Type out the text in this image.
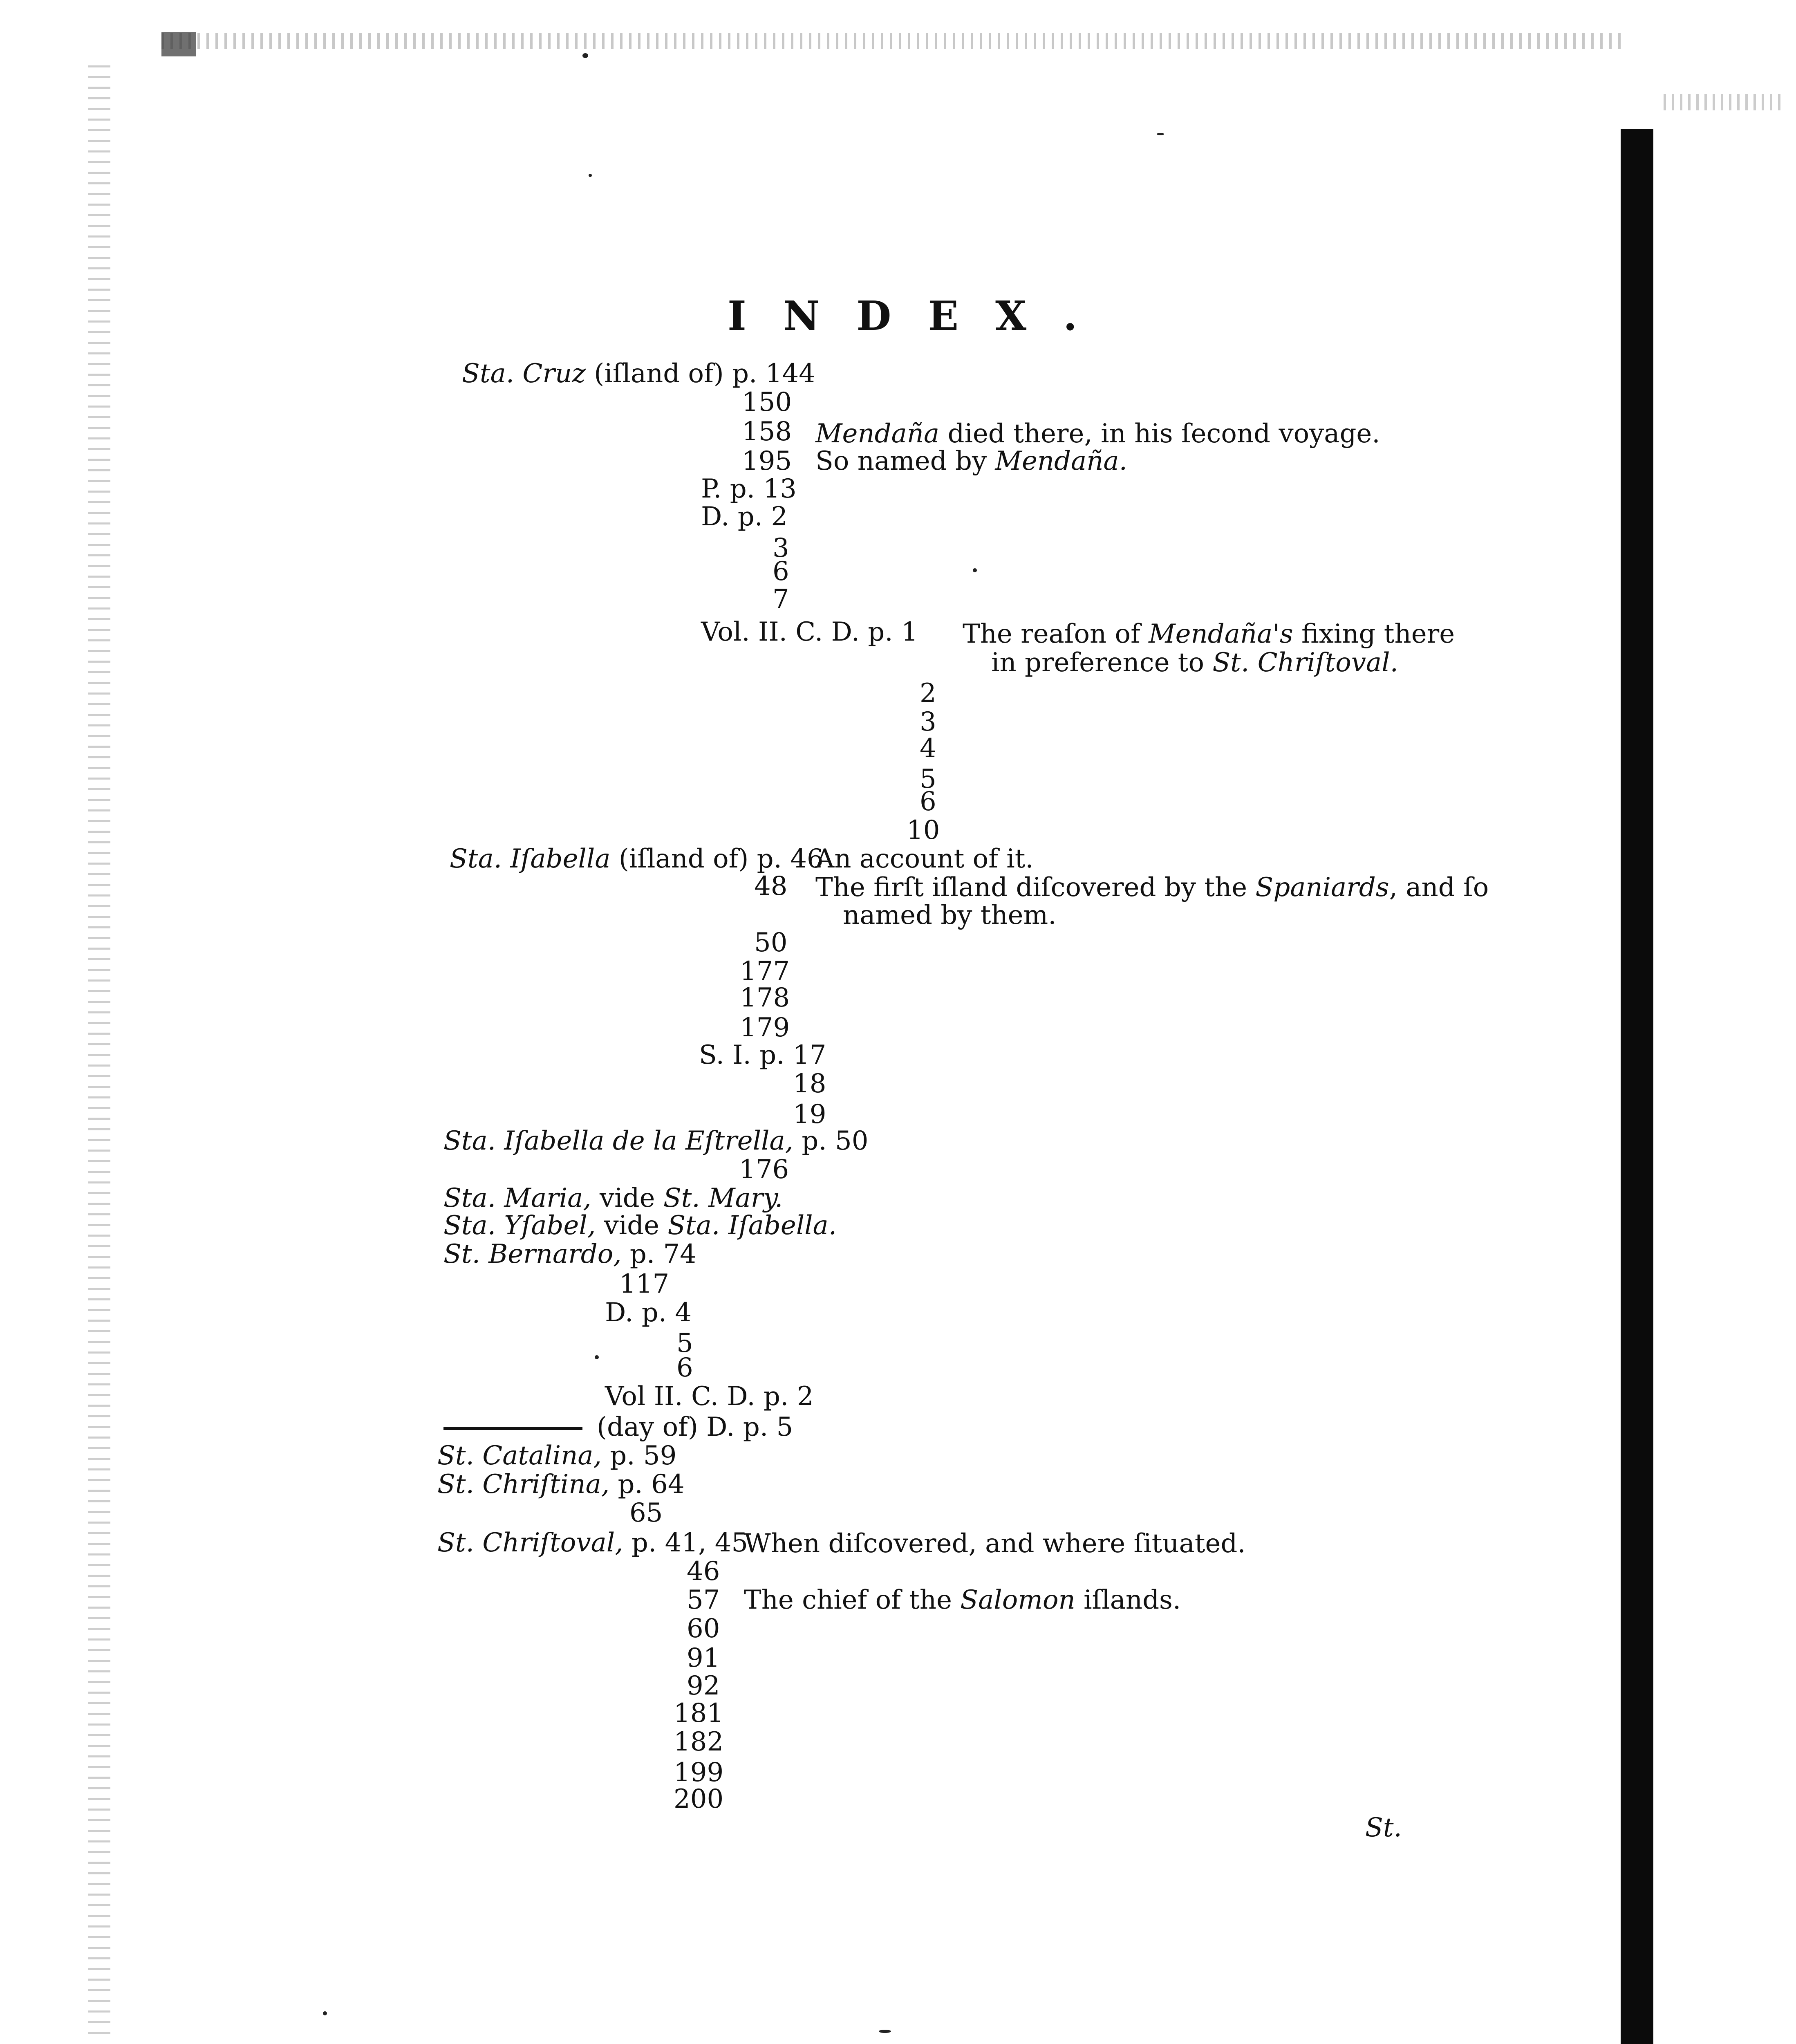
INDEX.
Sta. Cruz (iſland of) p. 144
150
158 Mendaña died there, in his ſecond voyage.
195 So named by Mendaña.
P. p. 13
D. p. 2
3
6
7
Vol. II. C. D. p. 1 The reaſon of Mendaña's fixing there
in preference to St. Chriſtoval.
2
3
4
5
6
10
Sta. Iſabella (iſland of) p. 46
An account of it.
48 The firſt iſland diſcovered by the Spaniards, and ſo
named by them.
50
177
178
179
S. I. p. 17
18
19
Sta. Iſabella de la Eſtrella, p. 50
176
Sta. Maria, vide St. Mary.
Sta. Yſabel, vide Sta. Iſabella.
St. Bernardo, p. 74
117
D. p. 4
5
6
Vol II. C. D. p. 2
(day of) D. p. 5
St. Catalina, p. 59
St. Chriſtina, p. 64
65
St. Chriſtoval, p. 41, 45
When diſcovered, and where ſituated.
46
57 The chief of the Salomon iſlands.
60
91
92
181
182
199
200
St.
